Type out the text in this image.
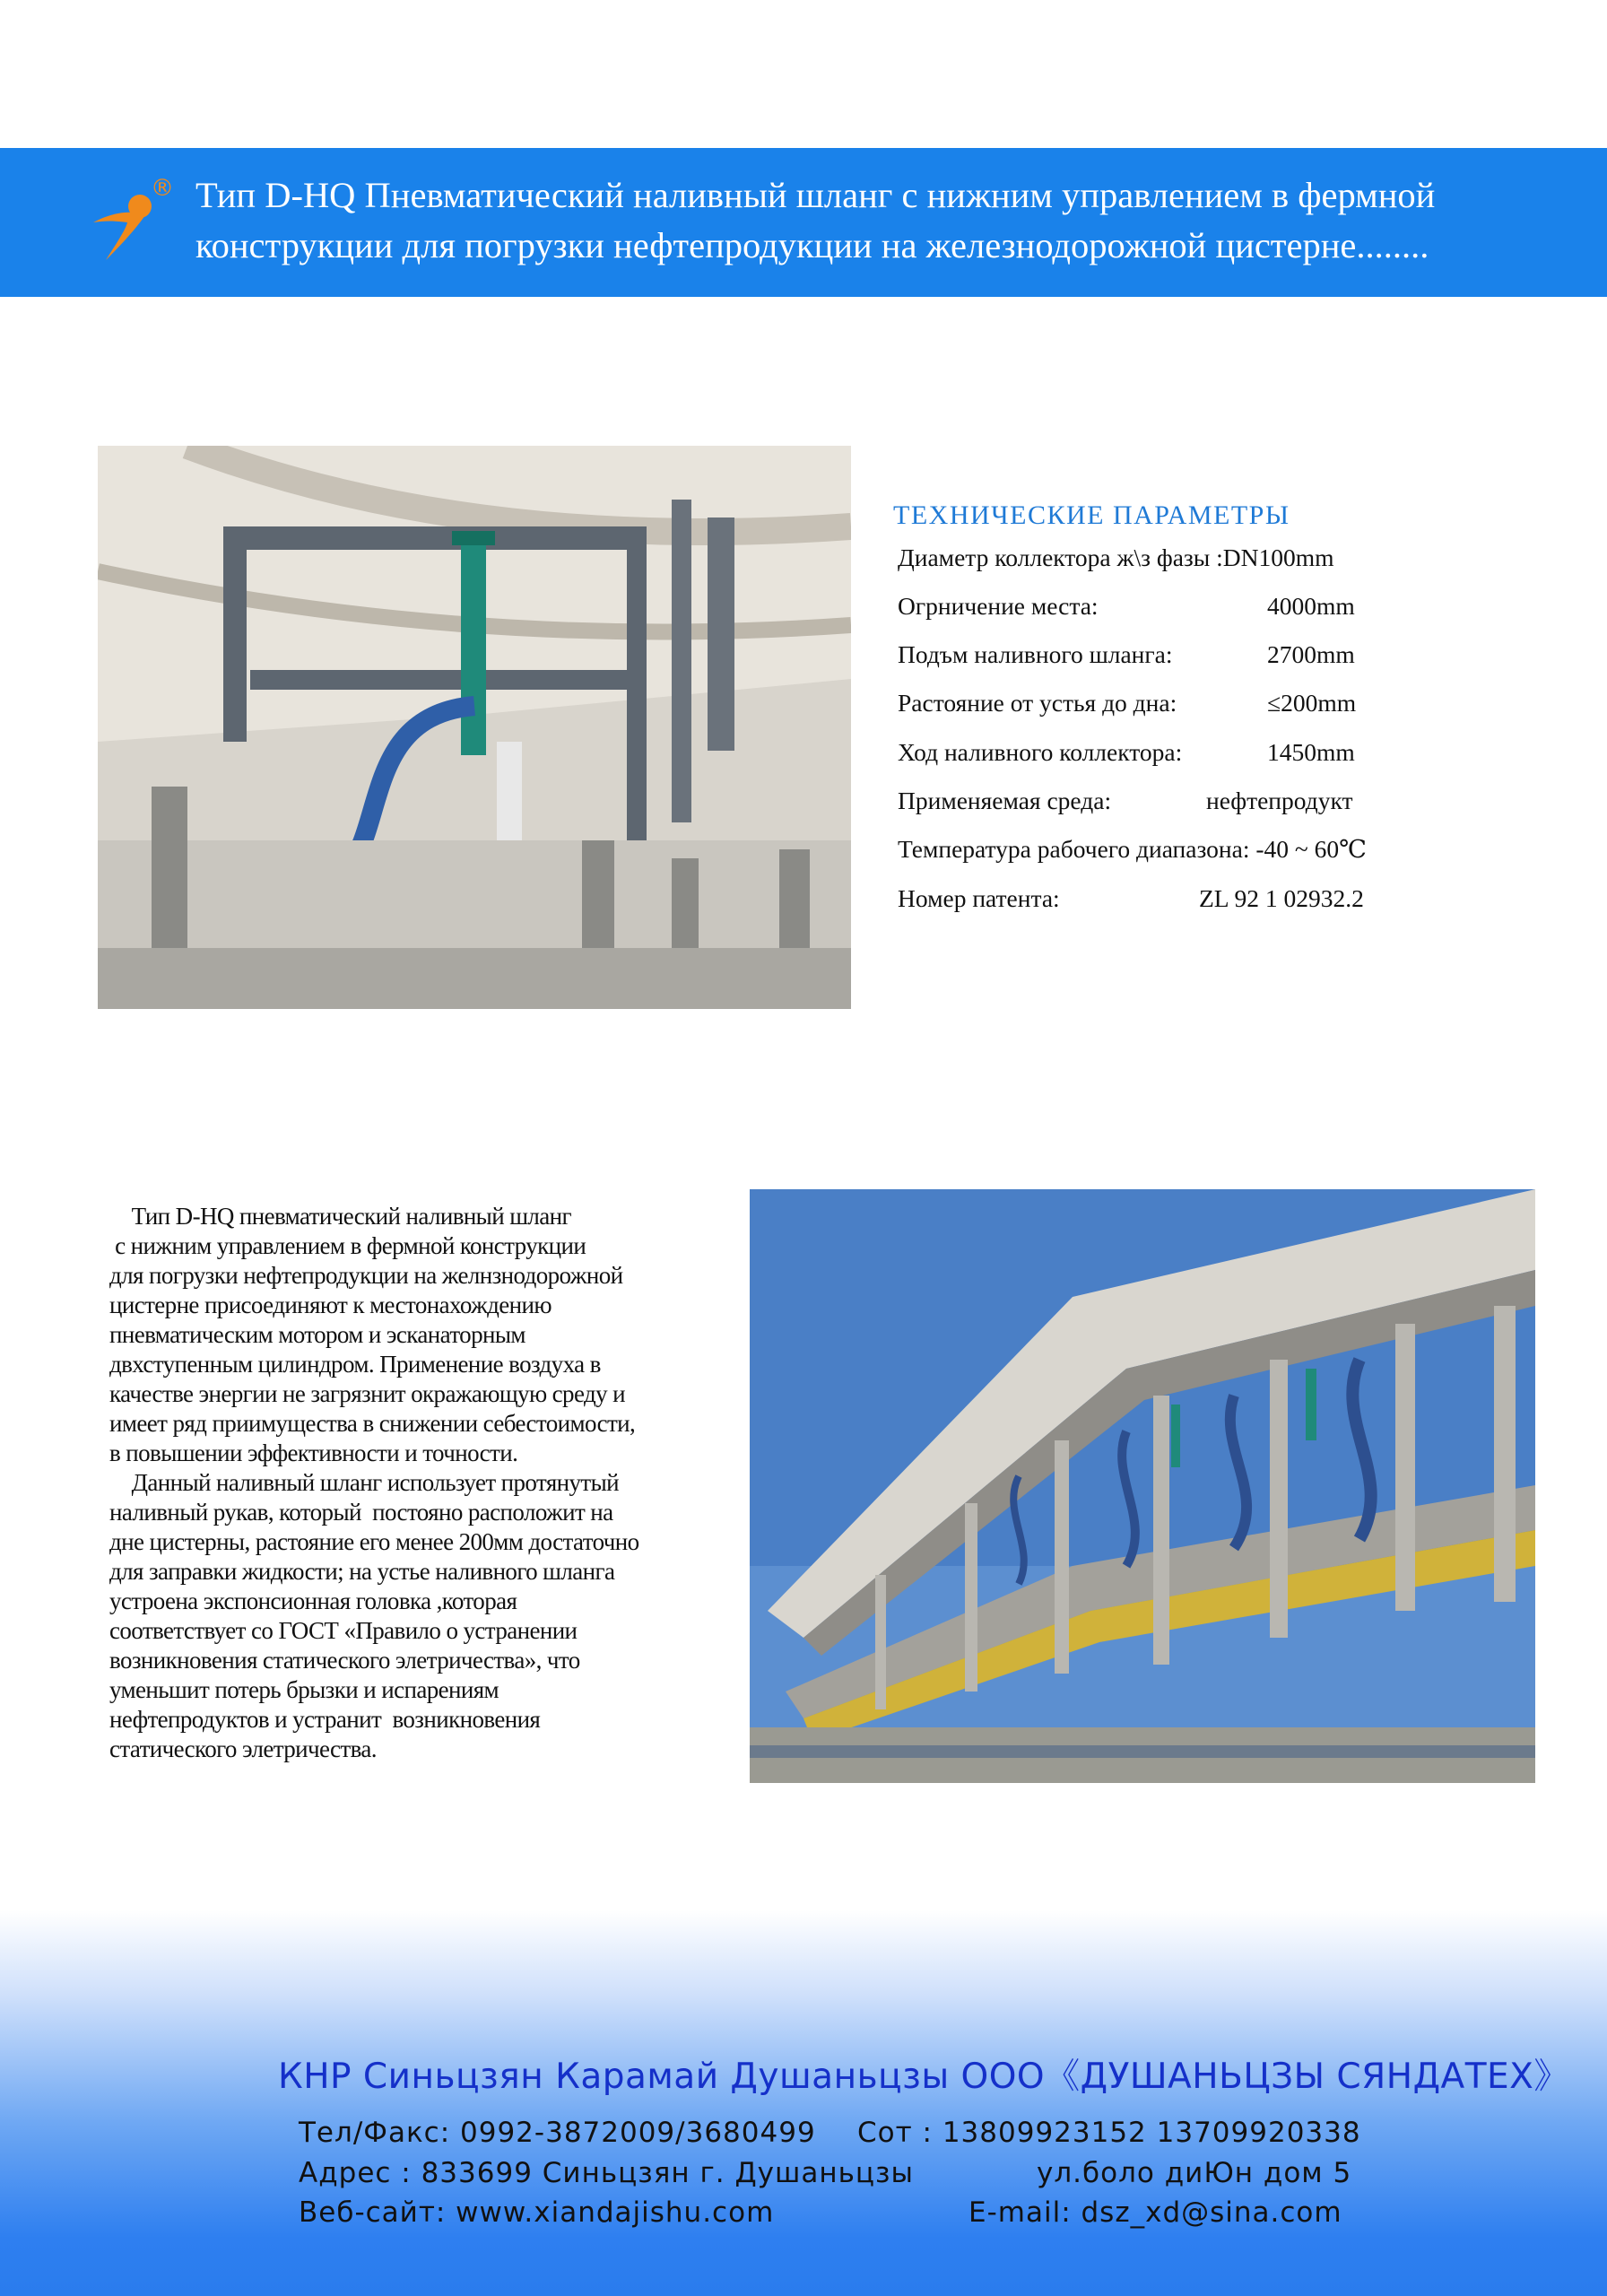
® Тип D-HQ Пневматический наливный шланг с нижним управлением в фермной
конструкции для погрузки нефтепродукции на железнодорожной цистерне........
ТЕХНИЧЕСКИЕ ПАРАМЕТРЫ
Диаметр коллектора ж\з фазы :DN100mm
Огрничение места:	4000mm
Подъм наливного шланга:	2700mm
Растояние от устья до дна:	≤200mm
Ход наливного коллектора:	1450mm
Применяемая среда:	нефтепродукт
Температура рабочего диапазона: -40 ~ 60℃
Номер патента:	ZL 92 1 02932.2

Тип D-HQ пневматический наливный шланг

с нижним управлением в фермной конструкции

для погрузки нефтепродукции на желнзнодорожной

цистерне присоединяют к местонахождению

пневматическим мотором и эсканаторным

двхступенным цилиндром. Применение воздуха в

качестве энергии не загрязнит окражающую среду и

имеет ряд приимущества в снижении себестоимости,

в повышении эффективности и точности.

Данный наливный шланг использует протянутый

наливный рукав, который  постояно расположит на

дне цистерны, растояние его менее 200мм достаточно

для заправки жидкости; на устье наливного шланга

устроена экспонсионная головка ,которая

соответствует со ГОСТ «Правило о устранении

возникновения статического элетричества», что

уменьшит потерь брызки и испарениям

нефтепродуктов и устранит  возникновения

статического элетричества.

КНР Синьцзян Карамай Душаньцзы ООО《ДУШАНЬЦЗЫ СЯНДАТЕХ》
Тел/Факс: 0992-3872009/3680499 Сот : 13809923152 13709920338
Адрес : 833699 Синьцзян г. Душаньцзы	ул.боло диЮн дом 5
Веб-сайт: www.xiandajishu.com	E-mail: dsz_xd@sina.com
